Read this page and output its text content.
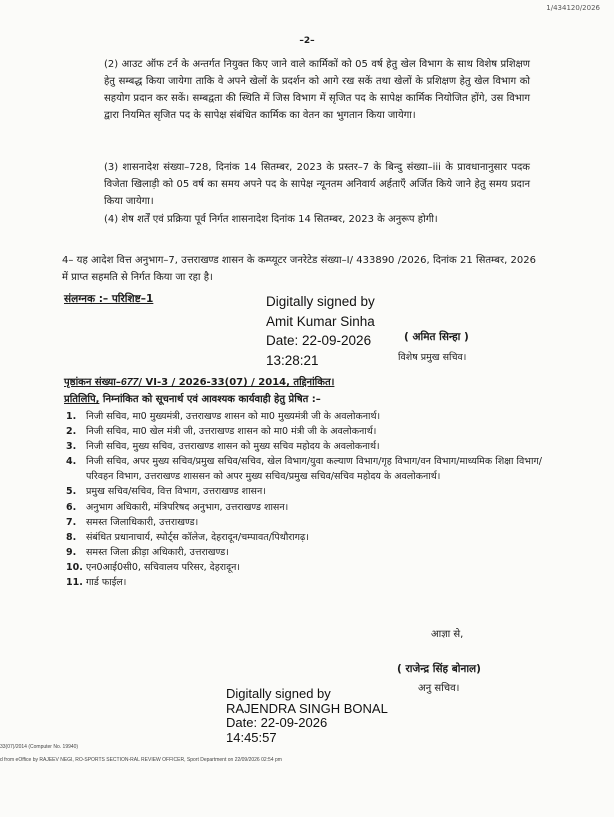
1/434120/2026
–2–
(2) आउट ऑफ टर्न के अन्तर्गत नियुक्त किए जाने वाले कार्मिकों को 05 वर्ष हेतु खेल विभाग के साथ विशेष प्रशिक्षण हेतु सम्बद्ध किया जायेगा ताकि वे अपने खेलों के प्रदर्शन को आगे रख सकें तथा खेलों के प्रशिक्षण हेतु खेल विभाग को सहयोग प्रदान कर सकें। सम्बद्वता की स्थिति में जिस विभाग में सृजित पद के सापेक्ष कार्मिक नियोजित होंगे, उस विभाग द्वारा नियमित सृजित पद के सापेक्ष संबंधित कार्मिक का वेतन का भुगतान किया जायेगा।
(3) शासनादेश संख्या–728, दिनांक 14 सितम्बर, 2023 के प्रस्तर–7 के बिन्दु संख्या–iii के प्रावधानानुसार पदक विजेता खिलाड़ी को 05 वर्ष का समय अपने पद के सापेक्ष न्यूनतम अनिवार्य अर्हताएँ अर्जित किये जाने हेतु समय प्रदान किया जायेगा।
(4) शेष शर्तें एवं प्रक्रिया पूर्व निर्गत शासनादेश दिनांक 14 सितम्बर, 2023 के अनुरूप होगी।
4– यह आदेश वित्त अनुभाग–7, उत्तराखण्ड शासन के कम्प्यूटर जनरेटेड संख्या–I/ 433890 /2026, दिनांक 21 सितम्बर, 2026 में प्राप्त सहमति से निर्गत किया जा रहा है।
संलग्नक :– परिशिष्ट–1	Digitally signed by
Amit Kumar Sinha
Date: 22-09-2026
13:28:21
( अमित सिन्हा )
विशेष प्रमुख सचिव।
पृष्ठांकन संख्या–677/ VI-3 / 2026-33(07) / 2014, तद्दिनांकित।
प्रतिलिपि, निम्नांकित को सूचनार्थ एवं आवश्यक कार्यवाही हेतु प्रेषित :–
1. निजी सचिव, मा0 मुख्यमंत्री, उत्तराखण्ड शासन को मा0 मुख्यमंत्री जी के अवलोकनार्थ।
2. निजी सचिव, मा0 खेल मंत्री जी, उत्तराखण्ड शासन को मा0 मंत्री जी के अवलोकनार्थ।
3. निजी सचिव, मुख्य सचिव, उत्तराखण्ड शासन को मुख्य सचिव महोदय के अवलोकनार्थ।
4. निजी सचिव, अपर मुख्य सचिव/प्रमुख सचिव/सचिव, खेल विभाग/युवा कल्याण विभाग/गृह विभाग/वन विभाग/माध्यमिक शिक्षा विभाग/परिवहन विभाग, उत्तराखण्ड शाससन को अपर मुख्य सचिव/प्रमुख सचिव/सचिव महोदय के अवलोकनार्थ।
5. प्रमुख सचिव/सचिव, वित्त विभाग, उत्तराखण्ड शासन।
6. अनुभाग अधिकारी, मंत्रिपरिषद अनुभाग, उत्तराखण्ड शासन।
7. समस्त जिलाधिकारी, उत्तराखण्ड।
8. संबंधित प्रधानाचार्य, स्पोर्ट्स कॉलेज, देहरादून/चम्पावत/पिथौरागढ़।
9. समस्त जिला क्रीड़ा अधिकारी, उत्तराखण्ड।
10. एन0आई0सी0, सचिवालय परिसर, देहरादून।
11. गार्ड फाईल।
आज्ञा से,
( राजेन्द्र सिंह बोनाल)
अनु सचिव।
Digitally signed by
RAJENDRA SINGH BONAL
Date: 22-09-2026
14:45:57
33(07)/2014 (Computer No. 19940)
d from eOffice by RAJEEV NEGI, RO-SPORTS SECTION-RAL REVIEW OFFICER, Sport Department on 22/09/2026 02:54 pm
